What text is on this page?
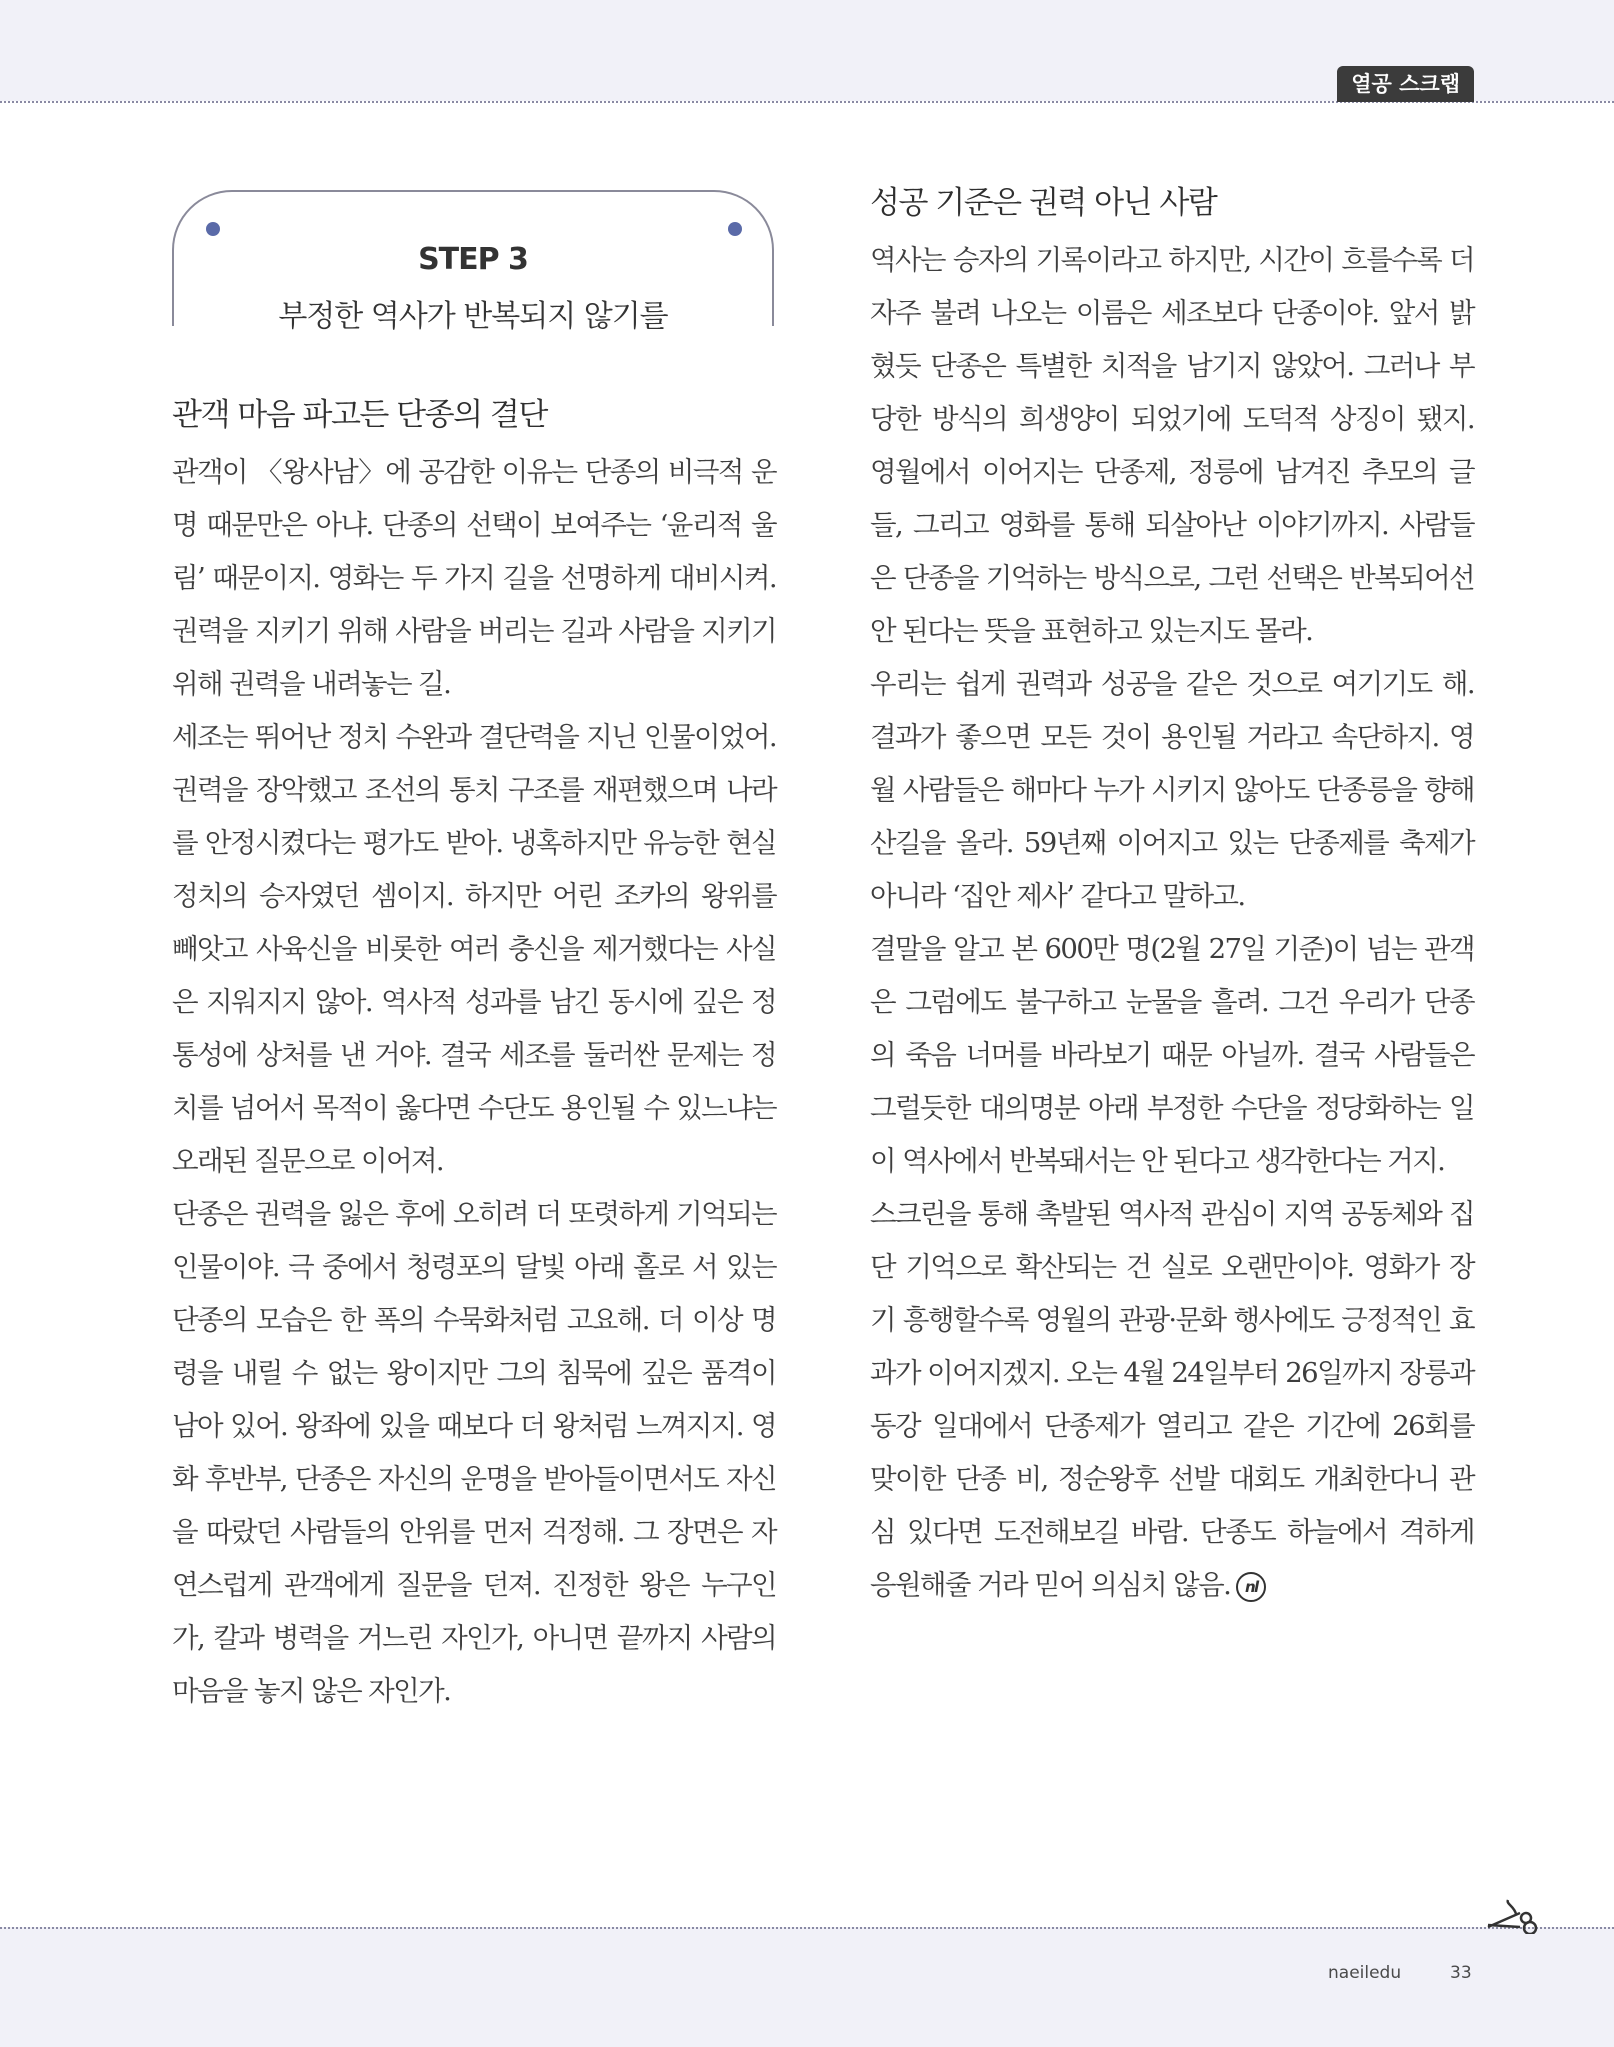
열공 스크랩
STEP 3
부정한 역사가 반복되지 않기를
관객 마음 파고든 단종의 결단

관객이 〈왕사남〉에 공감한 이유는 단종의 비극적 운명 때문만은 아냐. 단종의 선택이 보여주는 ‘윤리적 울림’ 때문이지. 영화는 두 가지 길을 선명하게 대비시켜. 권력을 지키기 위해 사람을 버리는 길과 사람을 지키기 위해 권력을 내려놓는 길.

세조는 뛰어난 정치 수완과 결단력을 지닌 인물이었어. 권력을 장악했고 조선의 통치 구조를 재편했으며 나라를 안정시켰다는 평가도 받아. 냉혹하지만 유능한 현실 정치의 승자였던 셈이지. 하지만 어린 조카의 왕위를 빼앗고 사육신을 비롯한 여러 충신을 제거했다는 사실은 지워지지 않아. 역사적 성과를 남긴 동시에 깊은 정통성에 상처를 낸 거야. 결국 세조를 둘러싼 문제는 정치를 넘어서 목적이 옳다면 수단도 용인될 수 있느냐는 오래된 질문으로 이어져.

단종은 권력을 잃은 후에 오히려 더 또렷하게 기억되는 인물이야. 극 중에서 청령포의 달빛 아래 홀로 서 있는 단종의 모습은 한 폭의 수묵화처럼 고요해. 더 이상 명령을 내릴 수 없는 왕이지만 그의 침묵에 깊은 품격이 남아 있어. 왕좌에 있을 때보다 더 왕처럼 느껴지지. 영화 후반부, 단종은 자신의 운명을 받아들이면서도 자신을 따랐던 사람들의 안위를 먼저 걱정해. 그 장면은 자연스럽게 관객에게 질문을 던져. 진정한 왕은 누구인가, 칼과 병력을 거느린 자인가, 아니면 끝까지 사람의 마음을 놓지 않은 자인가.

성공 기준은 권력 아닌 사람

역사는 승자의 기록이라고 하지만, 시간이 흐를수록 더 자주 불려 나오는 이름은 세조보다 단종이야. 앞서 밝혔듯 단종은 특별한 치적을 남기지 않았어. 그러나 부당한 방식의 희생양이 되었기에 도덕적 상징이 됐지. 영월에서 이어지는 단종제, 정릉에 남겨진 추모의 글들, 그리고 영화를 통해 되살아난 이야기까지. 사람들은 단종을 기억하는 방식으로, 그런 선택은 반복되어선 안 된다는 뜻을 표현하고 있는지도 몰라.

우리는 쉽게 권력과 성공을 같은 것으로 여기기도 해. 결과가 좋으면 모든 것이 용인될 거라고 속단하지. 영월 사람들은 해마다 누가 시키지 않아도 단종릉을 향해 산길을 올라. 59년째 이어지고 있는 단종제를 축제가 아니라 ‘집안 제사’ 같다고 말하고.

결말을 알고 본 600만 명(2월 27일 기준)이 넘는 관객은 그럼에도 불구하고 눈물을 흘려. 그건 우리가 단종의 죽음 너머를 바라보기 때문 아닐까. 결국 사람들은 그럴듯한 대의명분 아래 부정한 수단을 정당화하는 일이 역사에서 반복돼서는 안 된다고 생각한다는 거지.

스크린을 통해 촉발된 역사적 관심이 지역 공동체와 집단 기억으로 확산되는 건 실로 오랜만이야. 영화가 장기 흥행할수록 영월의 관광·문화 행사에도 긍정적인 효과가 이어지겠지. 오는 4월 24일부터 26일까지 장릉과 동강 일대에서 단종제가 열리고 같은 기간에 26회를 맞이한 단종 비, 정순왕후 선발 대회도 개최한다니 관심 있다면 도전해보길 바람. 단종도 하늘에서 격하게 응원해줄 거라 믿어 의심치 않음. nl

naeiledu	33
